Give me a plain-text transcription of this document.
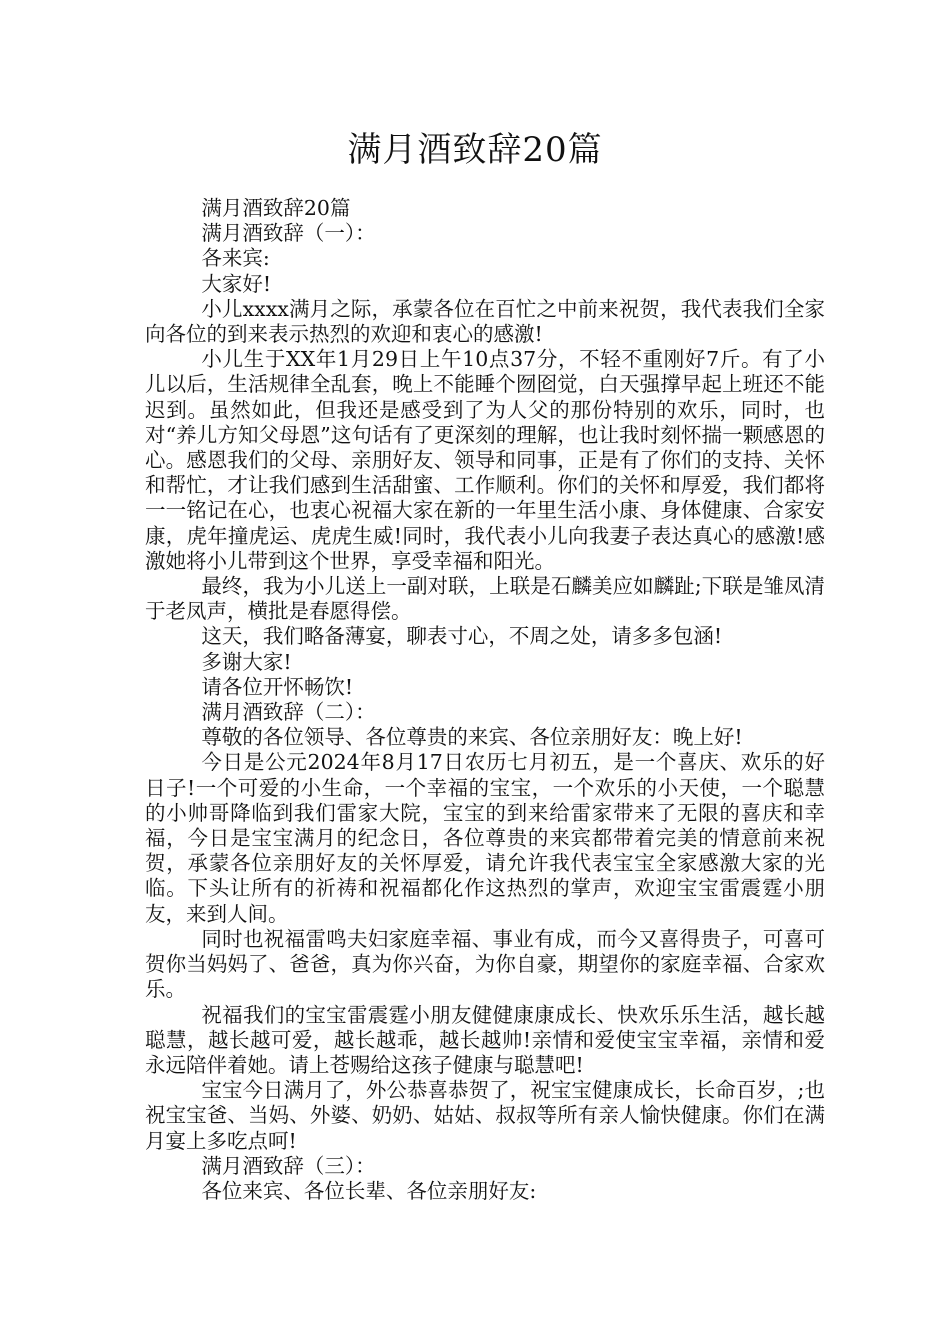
满月酒致辞20篇

满月酒致辞20篇

满月酒致辞（一）：

各来宾:

大家好!

小儿xxxx满月之际，承蒙各位在百忙之中前来祝贺，我代表我们全家向各位的到来表示热烈的欢迎和衷心的感激!

小儿生于XX年1月29日上午10点37分，不轻不重刚好7斤。有了小儿以后，生活规律全乱套，晚上不能睡个囫囵觉，白天强撑早起上班还不能迟到。虽然如此，但我还是感受到了为人父的那份特别的欢乐，同时，也对“养儿方知父母恩”这句话有了更深刻的理解，也让我时刻怀揣一颗感恩的心。感恩我们的父母、亲朋好友、领导和同事，正是有了你们的支持、关怀和帮忙，才让我们感到生活甜蜜、工作顺利。你们的关怀和厚爱，我们都将一一铭记在心，也衷心祝福大家在新的一年里生活小康、身体健康、合家安康，虎年撞虎运、虎虎生威!同时，我代表小儿向我妻子表达真心的感激!感激她将小儿带到这个世界，享受幸福和阳光。

最终，我为小儿送上一副对联，上联是石麟美应如麟趾;下联是雏凤清于老凤声，横批是春愿得偿。

这天，我们略备薄宴，聊表寸心，不周之处，请多多包涵!

多谢大家!

请各位开怀畅饮!

满月酒致辞（二）：

尊敬的各位领导、各位尊贵的来宾、各位亲朋好友：晚上好!

今日是公元2024年8月17日农历七月初五，是一个喜庆、欢乐的好日子!一个可爱的小生命，一个幸福的宝宝，一个欢乐的小天使，一个聪慧的小帅哥降临到我们雷家大院，宝宝的到来给雷家带来了无限的喜庆和幸福，今日是宝宝满月的纪念日，各位尊贵的来宾都带着完美的情意前来祝贺，承蒙各位亲朋好友的关怀厚爱，请允许我代表宝宝全家感激大家的光临。下头让所有的祈祷和祝福都化作这热烈的掌声，欢迎宝宝雷震霆小朋友，来到人间。

同时也祝福雷鸣夫妇家庭幸福、事业有成，而今又喜得贵子，可喜可贺你当妈妈了、爸爸，真为你兴奋，为你自豪，期望你的家庭幸福、合家欢乐。

祝福我们的宝宝雷震霆小朋友健健康康成长、快欢乐乐生活，越长越聪慧，越长越可爱，越长越乖，越长越帅!亲情和爱使宝宝幸福，亲情和爱永远陪伴着她。请上苍赐给这孩子健康与聪慧吧!

宝宝今日满月了，外公恭喜恭贺了，祝宝宝健康成长，长命百岁，;也祝宝宝爸、当妈、外婆、奶奶、姑姑、叔叔等所有亲人愉快健康。你们在满月宴上多吃点呵!

满月酒致辞（三）：

各位来宾、各位长辈、各位亲朋好友:
